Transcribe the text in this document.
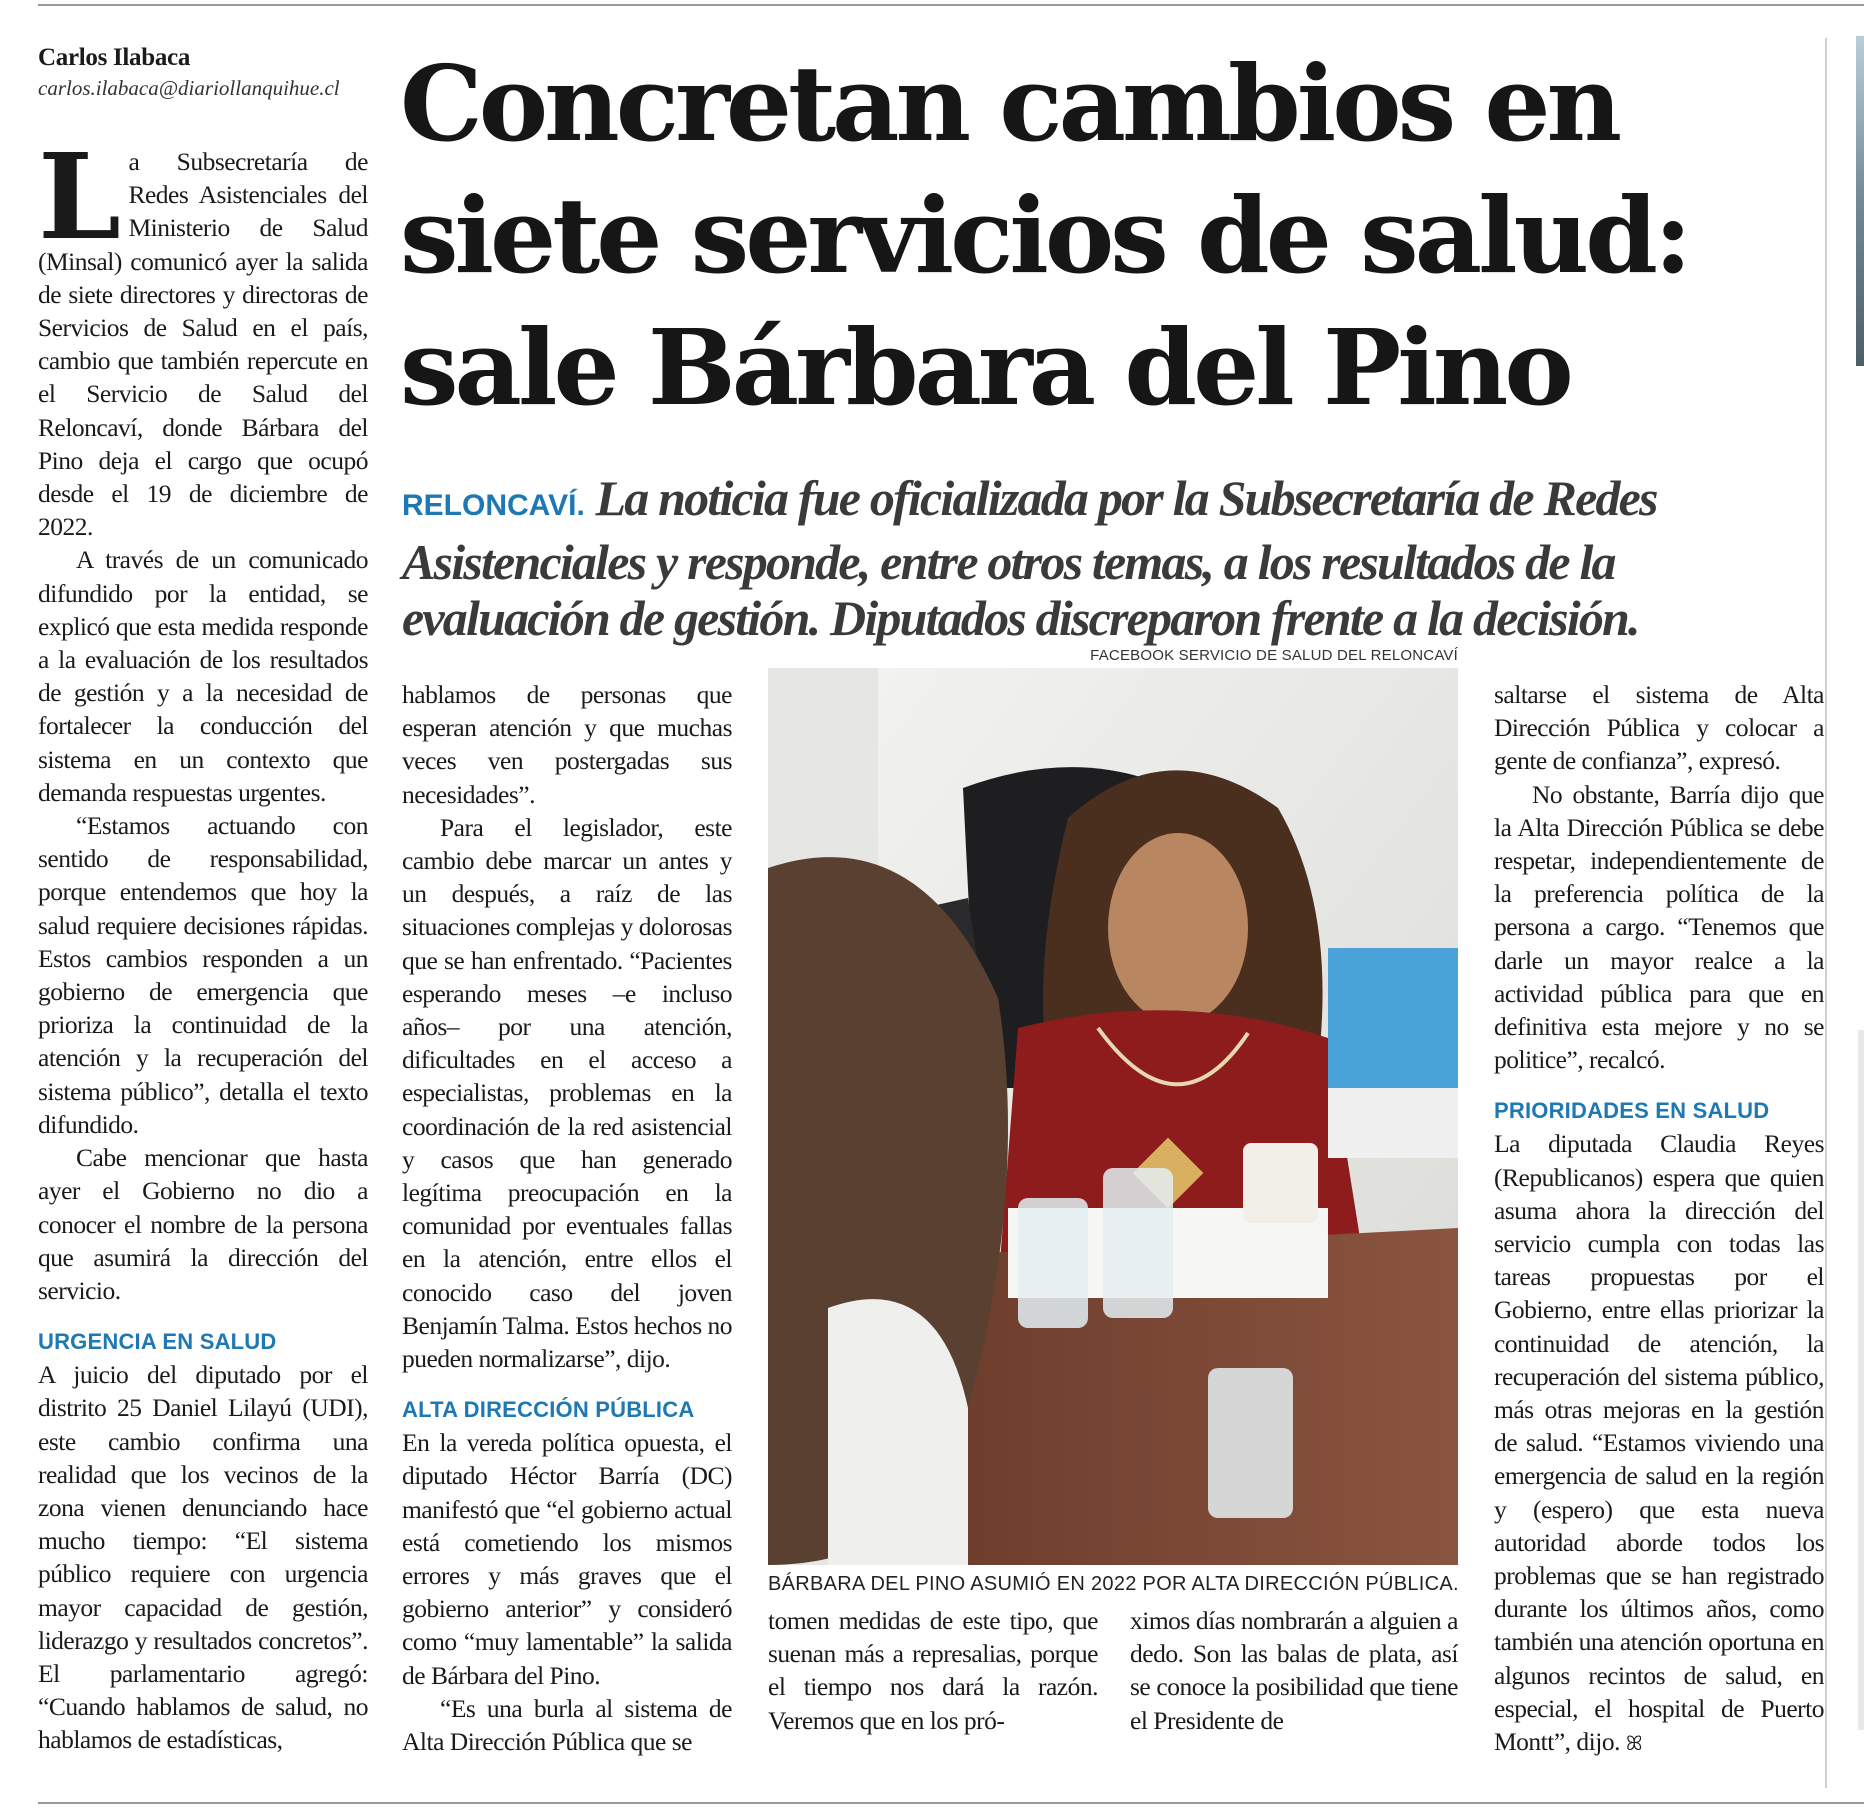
Carlos Ilabaca
carlos.ilabaca@diariollanquihue.cl Concretan cambios en siete servicios de salud: sale Bárbara del Pino

RELONCAVÍ. La noticia fue oficializada por la Subsecretaría de Redes Asistenciales y responde, entre otros temas, a los resultados de la evaluación de gestión. Diputados discreparon frente a la decisión.

La Subsecretaría de Redes Asistenciales del Ministerio de Salud (Minsal) comunicó ayer la salida de siete directores y directoras de Servicios de Salud en el país, cambio que también repercute en el Servicio de Salud del Reloncaví, donde Bárbara del Pino deja el cargo que ocupó desde el 19 de diciembre de 2022.

A través de un comunicado difundido por la entidad, se explicó que esta medida responde a la evaluación de los resultados de gestión y a la necesidad de fortalecer la conducción del sistema en un contexto que demanda respuestas urgentes.

“Estamos actuando con sentido de responsabilidad, porque entendemos que hoy la salud requiere decisiones rápidas. Estos cambios responden a un gobierno de emergencia que prioriza la continuidad de la atención y la recuperación del sistema público”, detalla el texto difundido.

Cabe mencionar que hasta ayer el Gobierno no dio a conocer el nombre de la persona que asumirá la dirección del servicio.

URGENCIA EN SALUD

A juicio del diputado por el distrito 25 Daniel Lilayú (UDI), este cambio confirma una realidad que los vecinos de la zona vienen denunciando hace mucho tiempo: “El sistema público requiere con urgencia mayor capacidad de gestión, liderazgo y resultados concretos”. El parlamentario agregó: “Cuando hablamos de salud, no hablamos de estadísticas,

hablamos de personas que esperan atención y que muchas veces ven postergadas sus necesidades”.

Para el legislador, este cambio debe marcar un antes y un después, a raíz de las situaciones complejas y dolorosas que se han enfrentado. “Pacientes esperando meses –e incluso años– por una atención, dificultades en el acceso a especialistas, problemas en la coordinación de la red asistencial y casos que han generado legítima preocupación en la comunidad por eventuales fallas en la atención, entre ellos el conocido caso del joven Benjamín Talma. Estos hechos no pueden normalizarse”, dijo.

ALTA DIRECCIÓN PÚBLICA

En la vereda política opuesta, el diputado Héctor Barría (DC) manifestó que “el gobierno actual está cometiendo los mismos errores y más graves que el gobierno anterior” y consideró como “muy lamentable” la salida de Bárbara del Pino.

“Es una burla al sistema de Alta Dirección Pública que se

FACEBOOK SERVICIO DE SALUD DEL RELONCAVÍ
BÁRBARA DEL PINO ASUMIÓ EN 2022 POR ALTA DIRECCIÓN PÚBLICA.

tomen medidas de este tipo, que suenan más a represalias, porque el tiempo nos dará la razón. Veremos que en los pró-

ximos días nombrarán a alguien a dedo. Son las balas de plata, así se conoce la posibilidad que tiene el Presidente de

saltarse el sistema de Alta Dirección Pública y colocar a gente de confianza”, expresó.

No obstante, Barría dijo que la Alta Dirección Pública se debe respetar, independientemente de la preferencia política de la persona a cargo. “Tenemos que darle un mayor realce a la actividad pública para que en definitiva esta mejore y no se politice”, recalcó.

PRIORIDADES EN SALUD

La diputada Claudia Reyes (Republicanos) espera que quien asuma ahora la dirección del servicio cumpla con todas las tareas propuestas por el Gobierno, entre ellas priorizar la continuidad de atención, la recuperación del sistema público, más otras mejoras en la gestión de salud. “Estamos viviendo una emergencia de salud en la región y (espero) que esta nueva autoridad aborde todos los problemas que se han registrado durante los últimos años, como también una atención oportuna en algunos recintos de salud, en especial, el hospital de Puerto Montt”, dijo. ꕤ
